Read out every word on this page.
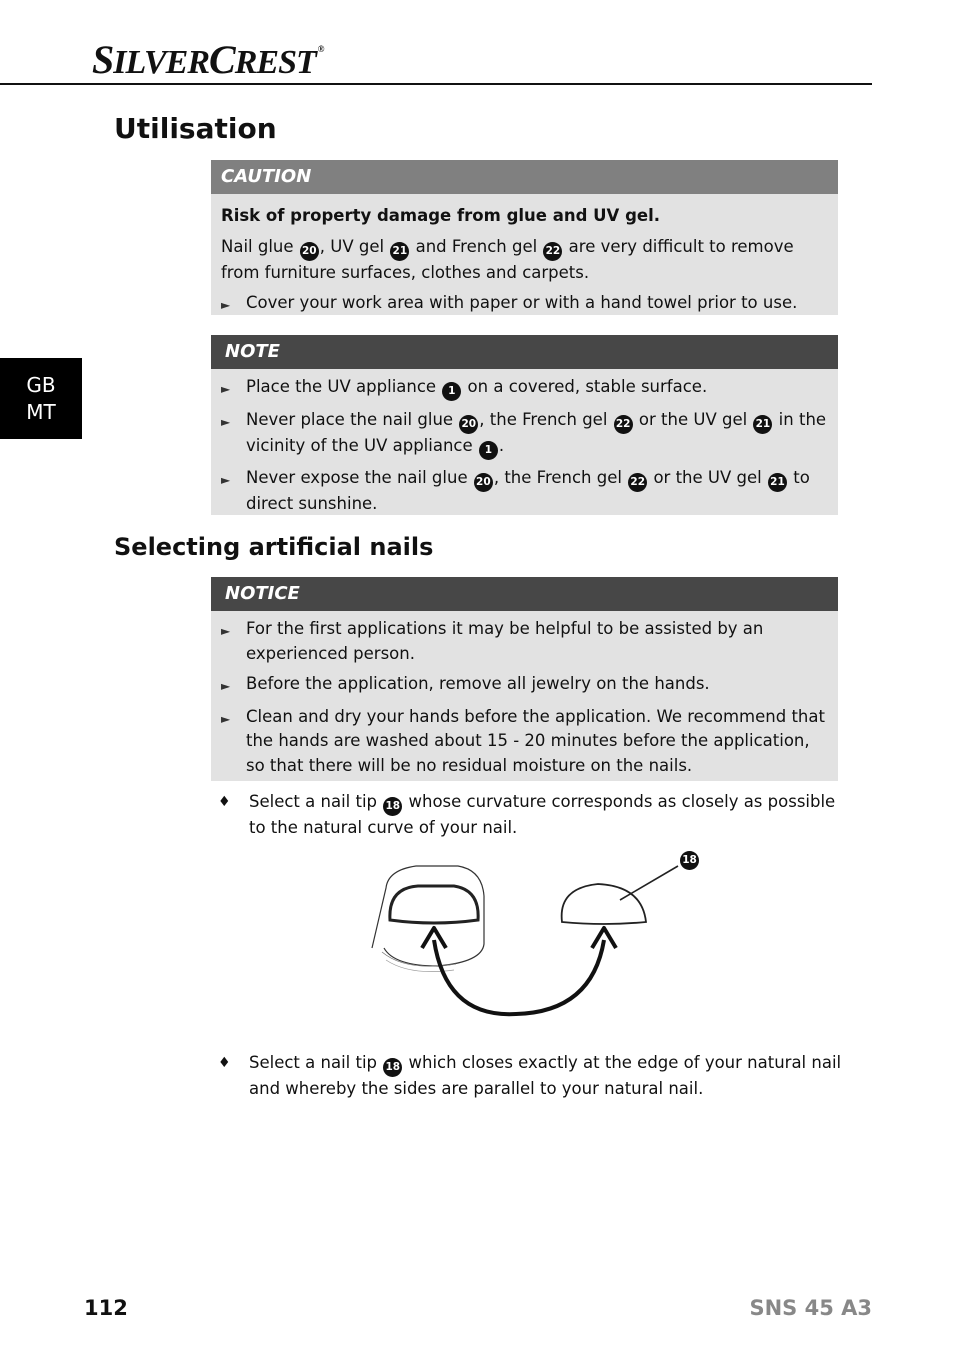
SILVERCREST ®
GB
MT
Utilisation
CAUTION

Risk of property damage from glue and UV gel.

Nail glue 20 , UV gel 21 and French gel 22 are very difficult to remove from furniture surfaces, clothes and carpets.

► Cover your work area with paper or with a hand towel prior to use.
NOTE
► Place the UV appliance 1 on a covered, stable surface.
► Never place the nail glue 20 , the French gel 22 or the UV gel 21 in the vicinity of the UV appliance 1 .
► Never expose the nail glue 20 , the French gel 22 or the UV gel 21 to direct sunshine.
Selecting artificial nails
NOTICE
► For the first applications it may be helpful to be assisted by an experienced person.
► Before the application, remove all jewelry on the hands.
► Clean and dry your hands before the application. We recommend that the hands are washed about 15 - 20 minutes before the application, so that there will be no residual moisture on the nails.
♦	Select a nail tip 18 whose curvature corresponds as closely as possible to the natural curve of your nail.
18
♦	Select a nail tip 18 which closes exactly at the edge of your natural nail and whereby the sides are parallel to your natural nail.
112	SNS 45 A3
